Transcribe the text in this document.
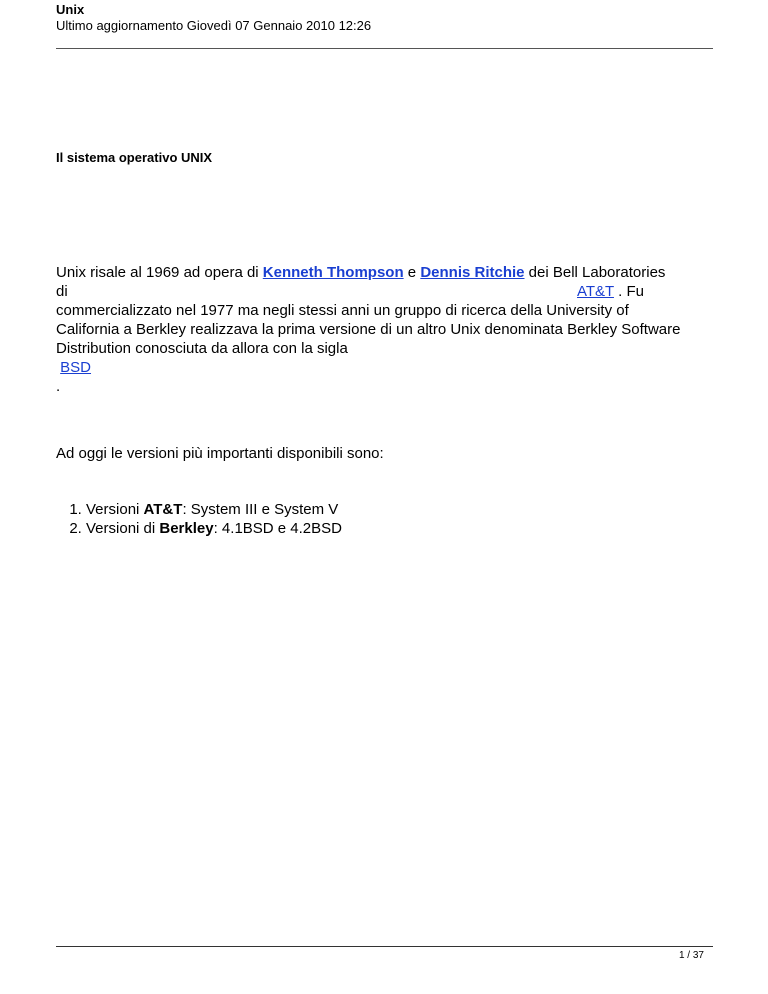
Unix
Ultimo aggiornamento Giovedì 07 Gennaio 2010 12:26
Il sistema operativo UNIX
Unix risale al 1969 ad opera di Kenneth Thompson e Dennis Ritchie dei Bell Laboratories
di	AT&T . Fu
commercializzato nel 1977 ma negli stessi anni un gruppo di ricerca della University of
California a Berkley realizzava la prima versione di un altro Unix denominata Berkley Software
Distribution conosciuta da allora con la sigla
BSD
.
Ad oggi le versioni più importanti disponibili sono:
1. Versioni AT&T: System III e System V
2. Versioni di Berkley: 4.1BSD e 4.2BSD
1 / 37
